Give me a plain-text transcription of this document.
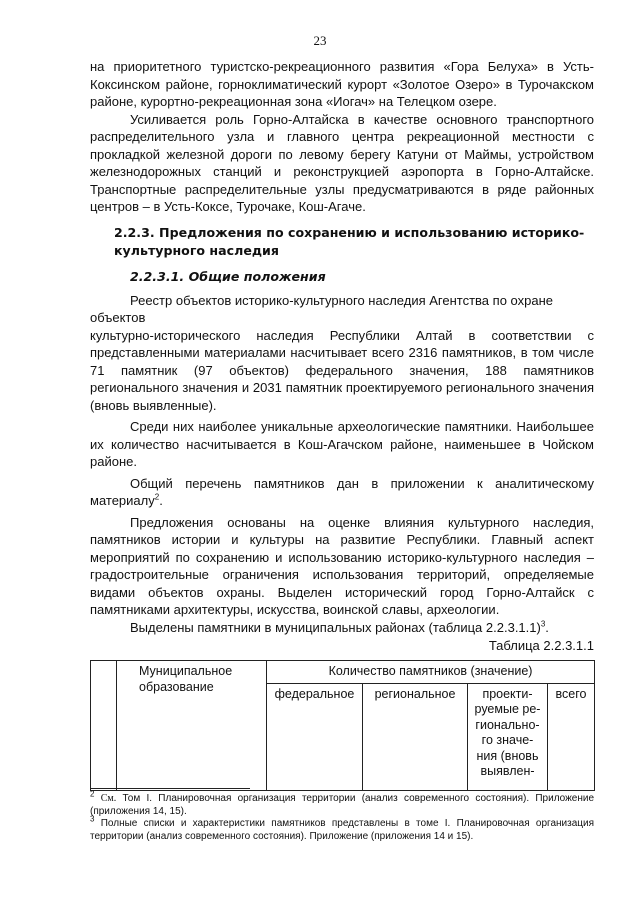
23

на приоритетного туристско-рекреационного развития «Гора Белуха» в Усть-Коксинском районе, горноклиматический курорт «Золотое Озеро» в Турочакском районе, курортно-рекреационная зона «Иогач» на Телецком озере.

Усиливается роль Горно-Алтайска в качестве основного транспортного распределительного узла и главного центра рекреационной местности с прокладкой железной дороги по левому берегу Катуни от Маймы, устройством железнодорожных станций и реконструкцией аэропорта в Горно-Алтайске. Транспортные распределительные узлы предусматриваются в ряде районных центров – в Усть-Коксе, Турочаке, Кош-Агаче.

2.2.3. Предложения по сохранению и использованию историко-культурного наследия
2.2.3.1. Общие положения

Реестр объектов историко-культурного наследия Агентства по охране объектов

культурно-исторического наследия Республики Алтай в соответствии с представленными материалами насчитывает всего 2316 памятников, в том числе 71 памятник (97 объектов) федерального значения, 188 памятников регионального значения и 2031 памятник проектируемого регионального значения (вновь выявленные).

Среди них наиболее уникальные археологические памятники. Наибольшее их количество насчитывается в Кош-Агачском районе, наименьшее в Чойском районе.

Общий перечень памятников дан в приложении к аналитическому материалу$^2$.

Предложения основаны на оценке влияния культурного наследия, памятников истории и культуры на развитие Республики. Главный аспект мероприятий по сохранению и использованию историко-культурного наследия – градостроительные ограничения использования территорий, определяемые видами объектов охраны. Выделен исторический город Горно-Алтайск с памятниками архитектуры, искусства, воинской славы, археологии.

Выделены памятники в муниципальных районах (таблица 2.2.3.1.1)$^3$.

Таблица 2.2.3.1.1
	Муниципальное образование	Количество памятников (значение)			
		федеральное	региональное	проекти-руемые ре-гионально-го значе-ния (вновь выявлен-	всего

$^2$ См. Том I. Планировочная организация территории (анализ современного состояния). Приложение (приложения 14, 15).

$^3$ Полные списки и характеристики памятников представлены в томе I. Планировочная организация территории (анализ современного состояния). Приложение (приложения 14 и 15).
